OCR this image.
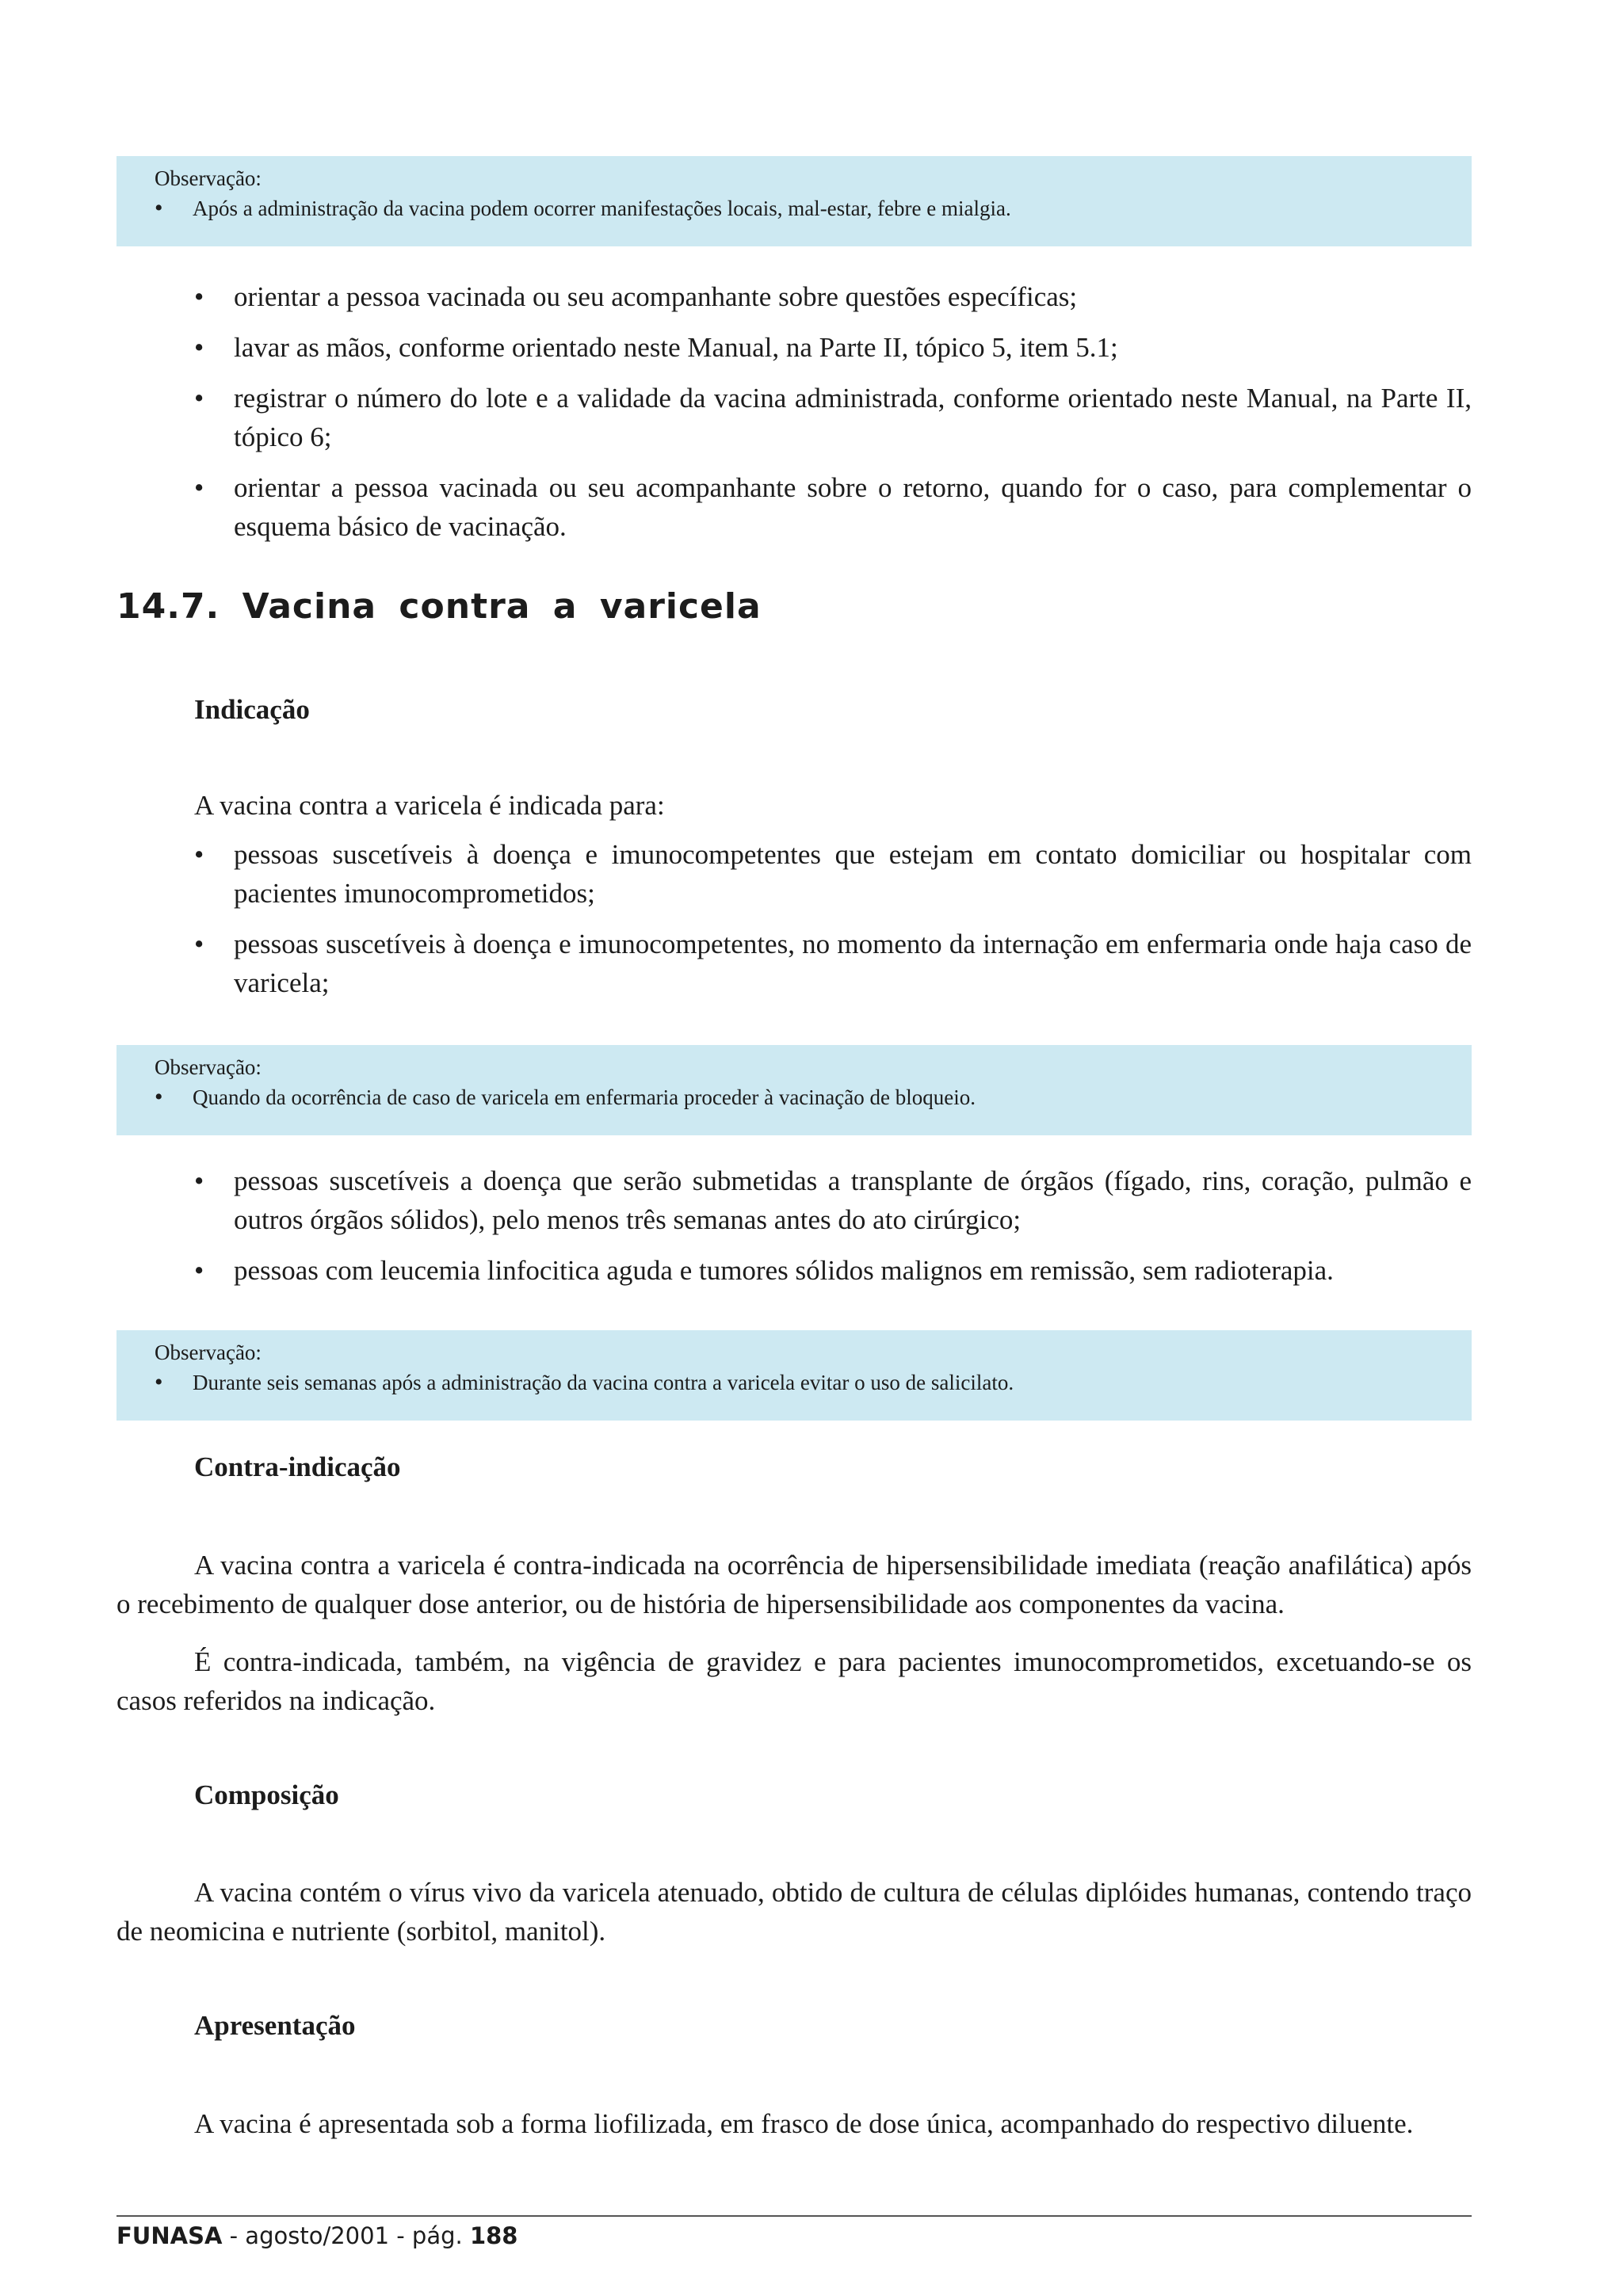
Observação:
• Após a administração da vacina podem ocorrer manifestações locais, mal-estar, febre e mialgia.
• orientar a pessoa vacinada ou seu acompanhante sobre questões específicas;
• lavar as mãos, conforme orientado neste Manual, na Parte II, tópico 5, item 5.1;
• registrar o número do lote e a validade da vacina administrada, conforme orientado neste Manual, na Parte II, tópico 6;
• orientar a pessoa vacinada ou seu acompanhante sobre o retorno, quando for o caso, para complementar o esquema básico de vacinação.
14.7. Vacina contra a varicela
Indicação

A vacina contra a varicela é indicada para:

• pessoas suscetíveis à doença e imunocompetentes que estejam em contato domiciliar ou hospitalar com pacientes imunocomprometidos;
• pessoas suscetíveis à doença e imunocompetentes, no momento da internação em enfermaria onde haja caso de varicela;
Observação:
• Quando da ocorrência de caso de varicela em enfermaria proceder à vacinação de bloqueio.
• pessoas suscetíveis a doença que serão submetidas a transplante de órgãos (fígado, rins, coração, pulmão e outros órgãos sólidos), pelo menos três semanas antes do ato cirúrgico;
• pessoas com leucemia linfocitica aguda e tumores sólidos malignos em remissão, sem radioterapia.
Observação:
• Durante seis semanas após a administração da vacina contra a varicela evitar o uso de salicilato.
Contra-indicação

A vacina contra a varicela é contra-indicada na ocorrência de hipersensibilidade imediata (reação anafilática) após o recebimento de qualquer dose anterior, ou de história de hipersensibilidade aos componentes da vacina.

É contra-indicada, também, na vigência de gravidez e para pacientes imunocomprometidos, excetuando-se os casos referidos na indicação.

Composição

A vacina contém o vírus vivo da varicela atenuado, obtido de cultura de células diplóides humanas, contendo traço de neomicina e nutriente (sorbitol, manitol).

Apresentação

A vacina é apresentada sob a forma liofilizada, em frasco de dose única, acompanhado do respectivo diluente.

FUNASA - agosto/2001 - pág. 188
